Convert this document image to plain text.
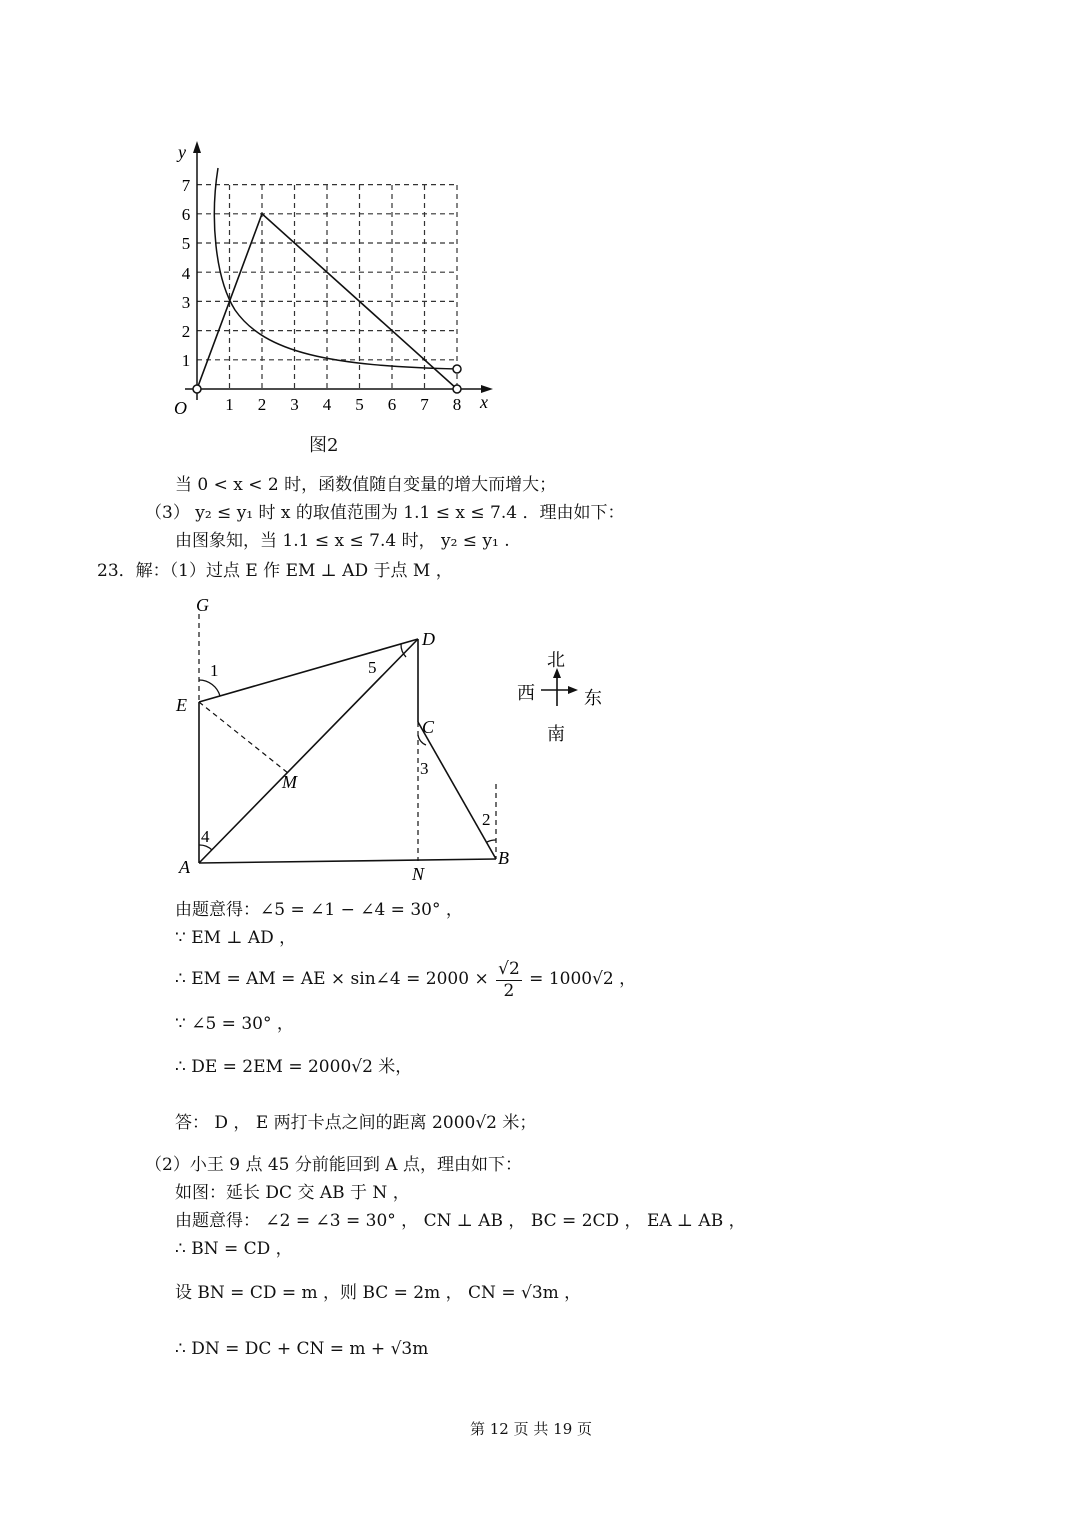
y
x
O 1 2 3 4 5 6 7 8
1
2
3
4
5
6
7
图2
当 0 < x < 2 时，函数值随自变量的增大而增大；
（3） y₂ ≤ y₁ 时 x 的取值范围为 1.1 ≤ x ≤ 7.4 ．理由如下：
由图象知，当 1.1 ≤ x ≤ 7.4 时， y₂ ≤ y₁ .
23．解：（1）过点 E 作 EM ⊥ AD 于点 M ，
G
D
E
C
M
A	N
B
1	5
3
4
2
北
南
西	东
由题意得：∠5 = ∠1 − ∠4 = 30° ，
∵ EM ⊥ AD ，
∴ EM = AM = AE × sin∠4 = $2000 \times \frac{√2}{2} = 1000√2$ ，
∵ ∠5 = 30° ，
∴ DE = 2EM = 2000√2 米，
答： D ， E 两打卡点之间的距离 2000√2 米；
（2）小王 9 点 45 分前能回到 A 点，理由如下：
如图：延长 DC 交 AB 于 N ，
由题意得： ∠2 = ∠3 = 30° ， CN ⊥ AB ， BC = 2CD ， EA ⊥ AB ，
∴ BN = CD ，
设 BN = CD = m ，则 BC = 2m ， CN = √3m ，
∴ DN = DC + CN = m + √3m
第 12 页 共 19 页
